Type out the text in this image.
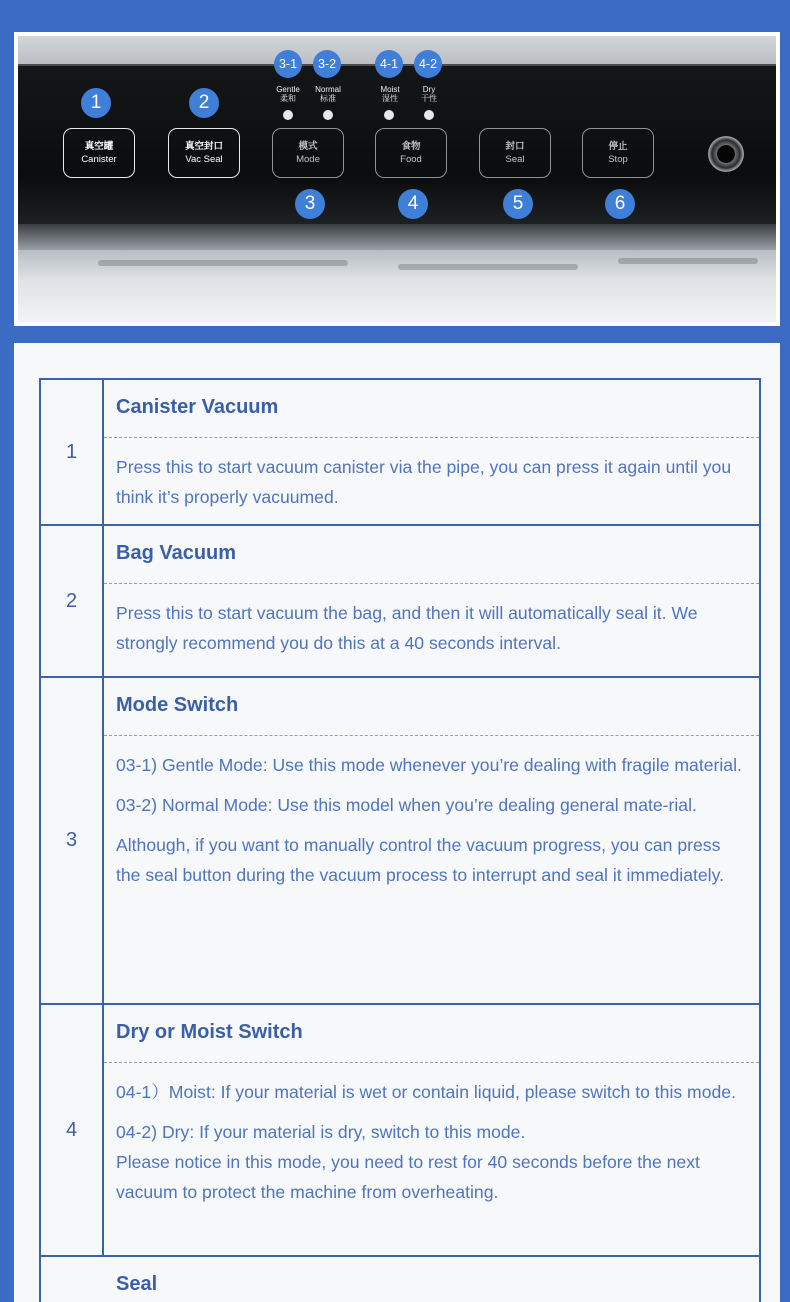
1	2
3-1	3-2	4-1	4-2
Gentle
柔和
Normal
标准
Moist
湿性
Dry
干性
真空罐
Canister
真空封口
Vac Seal
模式
Mode
食物
Food
封口
Seal
停止
Stop
3	4	5	6
1
Canister Vacuum

Press this to start vacuum canister via the pipe, you can press it again until you think it’s properly vacuumed.

2
Bag Vacuum

Press this to start vacuum the bag, and then it will automatically seal it. We strongly recommend you do this at a 40 seconds interval.

3
Mode Switch

03-1) Gentle Mode: Use this mode whenever you’re dealing with fragile material.

03-2) Normal Mode: Use this model when you’re dealing general mate-rial.

Although, if you want to manually control the vacuum progress, you can press the seal button during the vacuum process to interrupt and seal it immediately.

4
Dry or Moist Switch

04-1）Moist: If your material is wet or contain liquid, please switch to this mode.

04-2) Dry: If your material is dry, switch to this mode.

Please notice in this mode, you need to rest for 40 seconds before the next vacuum to protect the machine from overheating.

Seal
